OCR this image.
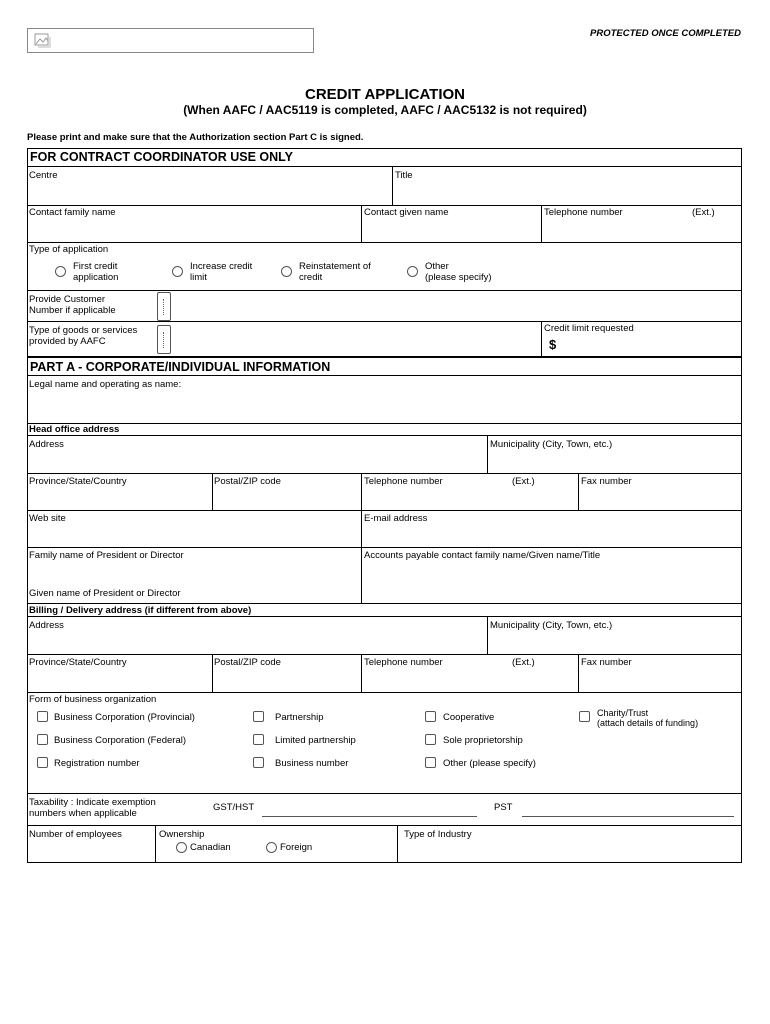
PROTECTED ONCE COMPLETED
CREDIT APPLICATION
(When AAFC / AAC5119 is completed, AAFC / AAC5132 is not required)
Please print and make sure that the Authorization section Part C is signed.
FOR CONTRACT COORDINATOR USE ONLY
Centre	Title
Contact family name	Contact given name	Telephone number	(Ext.)
Type of application
First credit
application
Increase credit
limit
Reinstatement of
credit
Other
(please specify)
Provide Customer
Number if applicable
Type of goods or services
provided by AAFC
Credit limit requested
$
PART A - CORPORATE/INDIVIDUAL INFORMATION
Legal name and operating as name:
Head office address
Address	Municipality (City, Town, etc.)
Province/State/Country	Postal/ZIP code	Telephone number	(Ext.)	Fax number
Web site	E-mail address
Family name of President or Director	Accounts payable contact family name/Given name/Title
Given name of President or Director
Billing / Delivery address (if different from above)
Address	Municipality (City, Town, etc.)
Province/State/Country	Postal/ZIP code	Telephone number	(Ext.)	Fax number
Form of business organization
Business Corporation (Provincial)	Partnership	Cooperative	Charity/Trust
(attach details of funding)
Business Corporation (Federal)	Limited partnership	Sole proprietorship
Registration number	Business number	Other (please specify)
Taxability : Indicate exemption
numbers when applicable
GST/HST	PST
Number of employees	Ownership
Canadian	Foreign
Type of Industry
